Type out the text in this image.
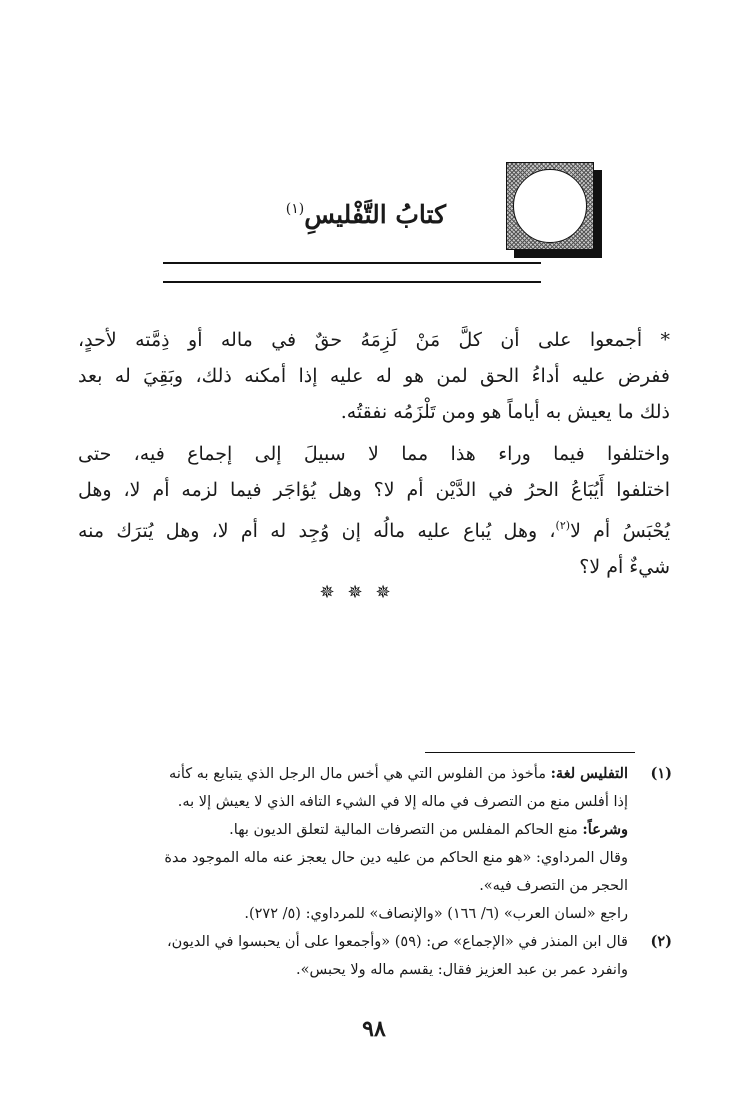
كتابُ التَّفْليسِ$^{(١)}$
* أجمعوا على أن كلَّ مَنْ لَزِمَهُ حقٌ في ماله أو ذِمَّته لأحدٍ،
ففرض عليه أداءُ الحق لمن هو له عليه إذا أمكنه ذلك، وبَقِيَ له بعد
ذلك ما يعيش به أياماً هو ومن تَلْزَمُه نفقتُه.
واختلفوا فيما وراء هذا مما لا سبيلَ إلى إجماع فيه، حتى
اختلفوا أَيُبَاعُ الحرُ في الدَّيْن أم لا؟ وهل يُؤاجَر فيما لزمه أم لا، وهل
يُحْبَسُ أم لا$^{(٢)}$، وهل يُباع عليه مالُه إن وُجِد له أم لا، وهل يُترَك منه
شيءٌ أم لا؟
✵ ✵ ✵
(١)
التفليس لغة: مأخوذ من الفلوس التي هي أخس مال الرجل الذي يتبايع به كأنه
إذا أفلس منع من التصرف في ماله إلا في الشيء التافه الذي لا يعيش إلا به.
وشرعاً: منع الحاكم المفلس من التصرفات المالية لتعلق الديون بها.
وقال المرداوي: «هو منع الحاكم من عليه دين حال يعجز عنه ماله الموجود مدة
الحجر من التصرف فيه».
راجع «لسان العرب» (٦/ ١٦٦) «والإنصاف» للمرداوي: (٥/ ٢٧٢).
(٢)
قال ابن المنذر في «الإجماع» ص: (٥٩) «وأجمعوا على أن يحبسوا في الديون،
وانفرد عمر بن عبد العزيز فقال: يقسم ماله ولا يحبس».
٩٨
